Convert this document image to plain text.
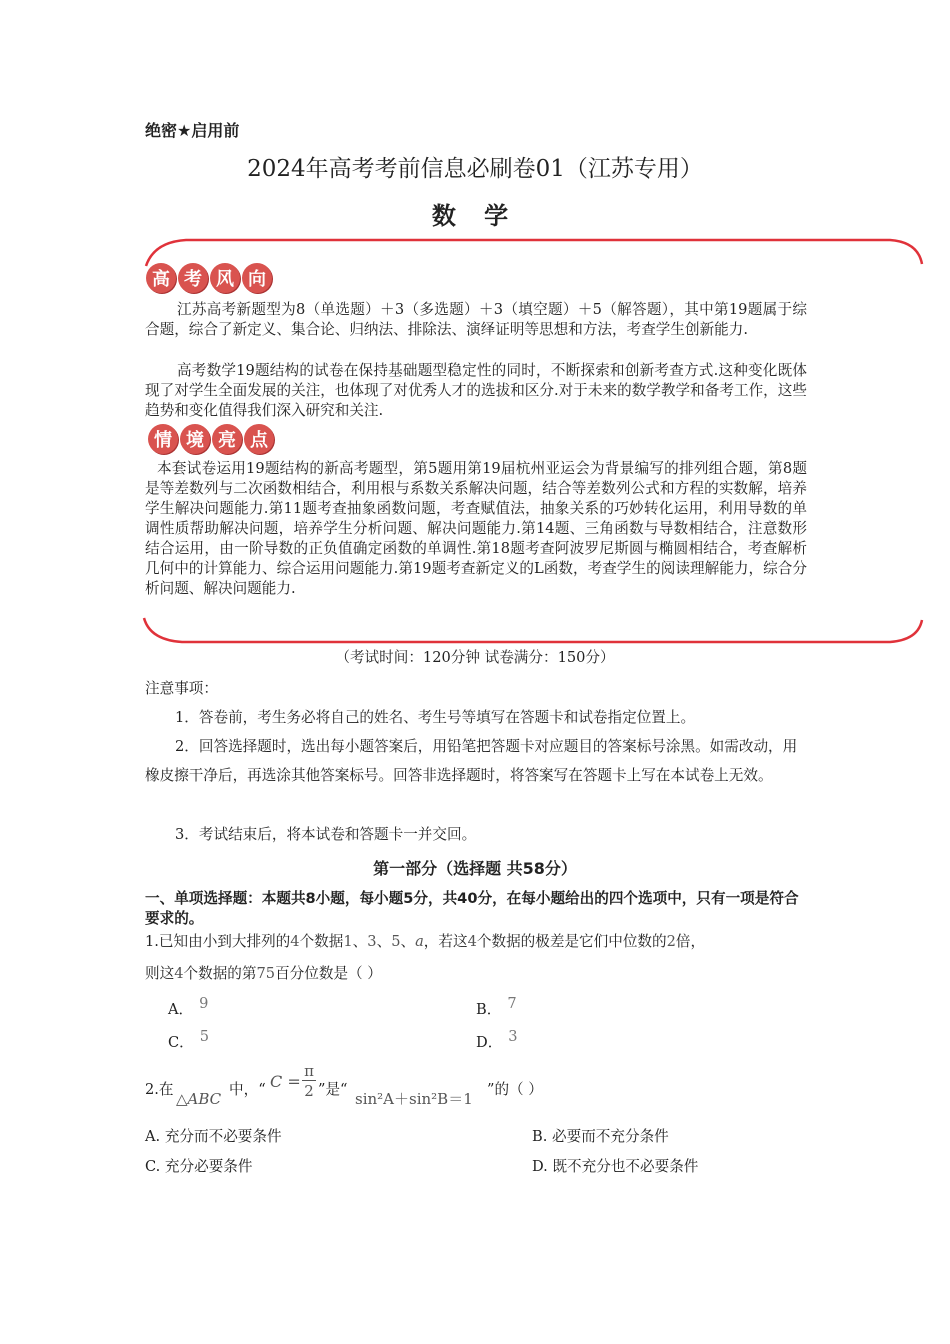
绝密★启用前
2024年高考考前信息必刷卷01（江苏专用）
数 学
高 考 风 向
江苏高考新题型为8（单选题）＋3（多选题）＋3（填空题）＋5（解答题），其中第19题属于综合题，综合了新定义、集合论、归纳法、排除法、演绎证明等思想和方法，考查学生创新能力.
高考数学19题结构的试卷在保持基础题型稳定性的同时，不断探索和创新考查方式.这种变化既体现了对学生全面发展的关注，也体现了对优秀人才的选拔和区分.对于未来的数学教学和备考工作，这些趋势和变化值得我们深入研究和关注.
情 境 亮 点
本套试卷运用19题结构的新高考题型，第5题用第19届杭州亚运会为背景编写的排列组合题，第8题是等差数列与二次函数相结合，利用根与系数关系解决问题，结合等差数列公式和方程的实数解，培养学生解决问题能力.第11题考查抽象函数问题，考查赋值法，抽象关系的巧妙转化运用，利用导数的单调性质帮助解决问题，培养学生分析问题、解决问题能力.第14题、三角函数与导数相结合，注意数形结合运用，由一阶导数的正负值确定函数的单调性.第18题考查阿波罗尼斯圆与椭圆相结合，考查解析几何中的计算能力、综合运用问题能力.第19题考查新定义的L函数，考查学生的阅读理解能力，综合分析问题、解决问题能力.
（考试时间：120分钟 试卷满分：150分）
注意事项：
1．答卷前，考生务必将自己的姓名、考生号等填写在答题卡和试卷指定位置上。
2．回答选择题时，选出每小题答案后，用铅笔把答题卡对应题目的答案标号涂黑。如需改动，用橡皮擦干净后，再选涂其他答案标号。回答非选择题时，将答案写在答题卡上写在本试卷上无效。
3．考试结束后，将本试卷和答题卡一并交回。
第一部分（选择题 共58分）
一、单项选择题：本题共8小题，每小题5分，共40分，在每小题给出的四个选项中，只有一项是符合要求的。
1.已知由小到大排列的4个数据1、3、5、a，若这4个数据的极差是它们中位数的2倍，
则这4个数据的第75百分位数是（ ）
A． 9	B． 7
C． 5	D． 3
2.在
△ABC
中，“ $C = \frac{\pi}{2}$ ”是“
sin²A＋sin²B＝1
”的（ ）
A. 充分而不必要条件	B. 必要而不充分条件
C. 充分必要条件	D. 既不充分也不必要条件
